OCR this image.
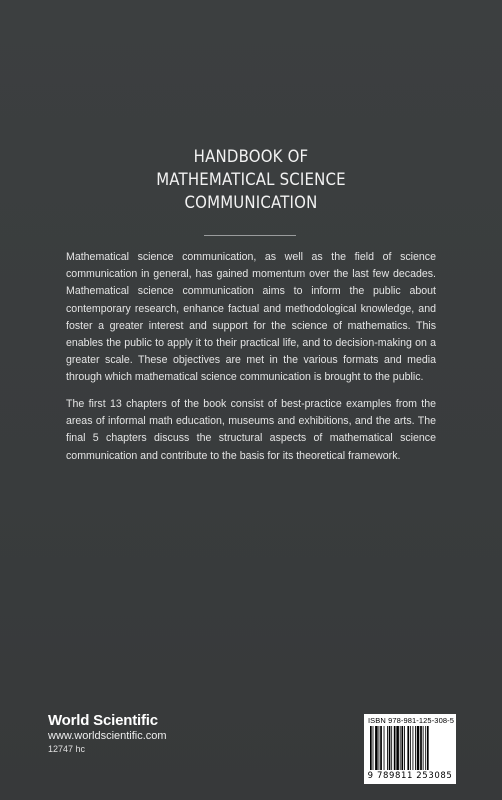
HANDBOOK OF
MATHEMATICAL SCIENCE
COMMUNICATION

Mathematical science communication, as well as the field of science communication in general, has gained momentum over the last few decades. Mathematical science communication aims to inform the public about contemporary research, enhance factual and methodological knowledge, and foster a greater interest and support for the science of mathematics. This enables the public to apply it to their practical life, and to decision-making on a greater scale. These objectives are met in the various formats and media through which mathematical science communication is brought to the public.

The first 13 chapters of the book consist of best-practice examples from the areas of informal math education, museums and exhibitions, and the arts. The final 5 chapters discuss the structural aspects of mathematical science communication and contribute to the basis for its theoretical framework.

World Scientific
www.worldscientific.com
12747 hc
ISBN 978-981-125-308-5
9 789811 253085
